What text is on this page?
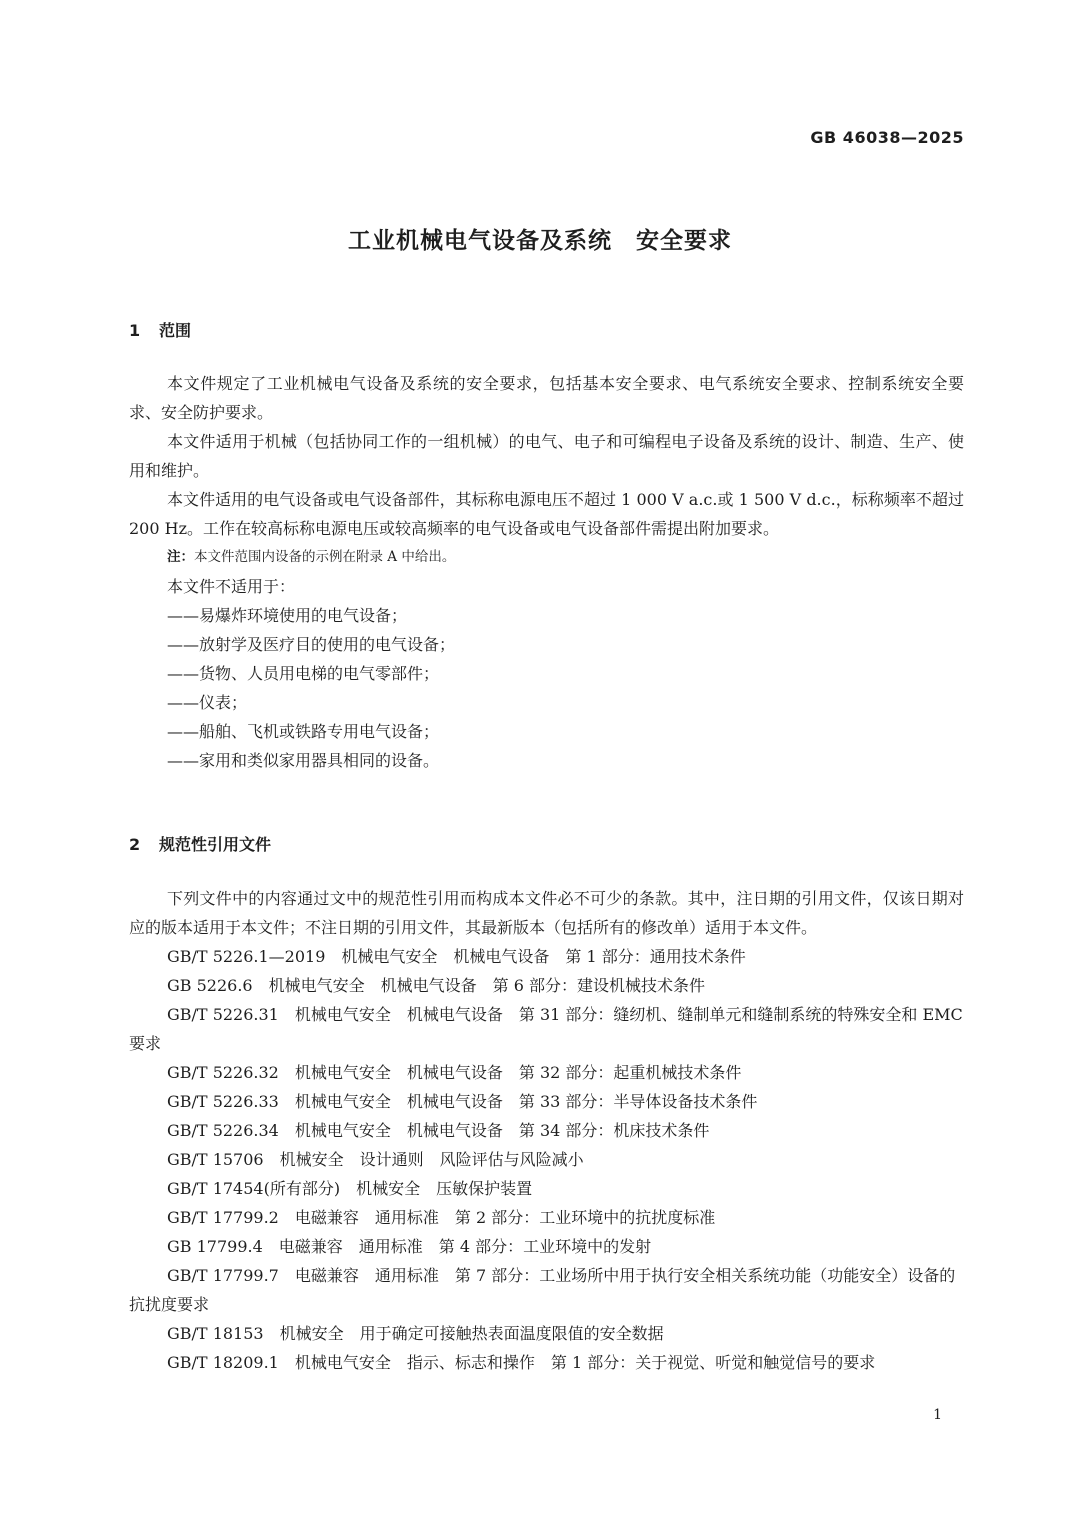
GB 46038—2025
工业机械电气设备及系统　安全要求
1 范围

本文件规定了工业机械电气设备及系统的安全要求，包括基本安全要求、电气系统安全要求、控制系统安全要求、安全防护要求。

本文件适用于机械（包括协同工作的一组机械）的电气、电子和可编程电子设备及系统的设计、制造、生产、使用和维护。

本文件适用的电气设备或电气设备部件，其标称电源电压不超过 1 000 V a.c.或 1 500 V d.c.，标称频率不超过 200 Hz。工作在较高标称电源电压或较高频率的电气设备或电气设备部件需提出附加要求。

注：本文件范围内设备的示例在附录 A 中给出。

本文件不适用于：

——易爆炸环境使用的电气设备；

——放射学及医疗目的使用的电气设备；

——货物、人员用电梯的电气零部件；

——仪表；

——船舶、飞机或铁路专用电气设备；

——家用和类似家用器具相同的设备。

2 规范性引用文件

下列文件中的内容通过文中的规范性引用而构成本文件必不可少的条款。其中，注日期的引用文件，仅该日期对应的版本适用于本文件；不注日期的引用文件，其最新版本（包括所有的修改单）适用于本文件。

GB/T 5226.1—2019　机械电气安全　机械电气设备　第 1 部分：通用技术条件

GB 5226.6　机械电气安全　机械电气设备　第 6 部分：建设机械技术条件

GB/T 5226.31　机械电气安全　机械电气设备　第 31 部分：缝纫机、缝制单元和缝制系统的特殊安全和 EMC 要求

GB/T 5226.32　机械电气安全　机械电气设备　第 32 部分：起重机械技术条件

GB/T 5226.33　机械电气安全　机械电气设备　第 33 部分：半导体设备技术条件

GB/T 5226.34　机械电气安全　机械电气设备　第 34 部分：机床技术条件

GB/T 15706　机械安全　设计通则　风险评估与风险减小

GB/T 17454(所有部分)　机械安全　压敏保护装置

GB/T 17799.2　电磁兼容　通用标准　第 2 部分：工业环境中的抗扰度标准

GB 17799.4　电磁兼容　通用标准　第 4 部分：工业环境中的发射

GB/T 17799.7　电磁兼容　通用标准　第 7 部分：工业场所中用于执行安全相关系统功能（功能安全）设备的抗扰度要求

GB/T 18153　机械安全　用于确定可接触热表面温度限值的安全数据

GB/T 18209.1　机械电气安全　指示、标志和操作　第 1 部分：关于视觉、听觉和触觉信号的要求

1
